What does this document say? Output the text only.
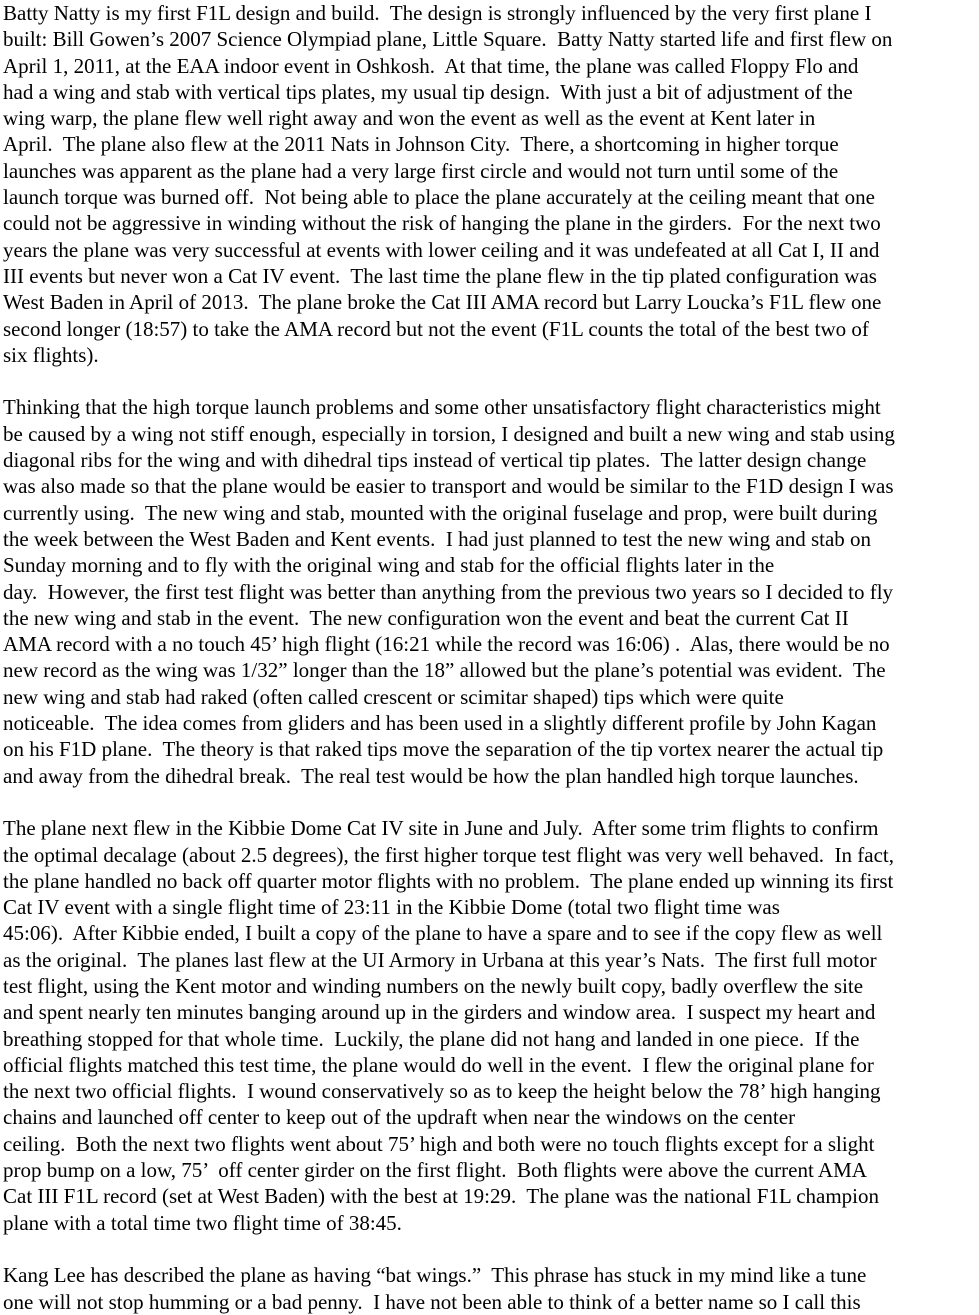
Batty Natty is my first F1L design and build.  The design is strongly influenced by the very first plane I
built: Bill Gowen’s 2007 Science Olympiad plane, Little Square.  Batty Natty started life and first flew on
April 1, 2011, at the EAA indoor event in Oshkosh.  At that time, the plane was called Floppy Flo and
had a wing and stab with vertical tips plates, my usual tip design.  With just a bit of adjustment of the
wing warp, the plane flew well right away and won the event as well as the event at Kent later in
April.  The plane also flew at the 2011 Nats in Johnson City.  There, a shortcoming in higher torque
launches was apparent as the plane had a very large first circle and would not turn until some of the
launch torque was burned off.  Not being able to place the plane accurately at the ceiling meant that one
could not be aggressive in winding without the risk of hanging the plane in the girders.  For the next two
years the plane was very successful at events with lower ceiling and it was undefeated at all Cat I, II and
III events but never won a Cat IV event.  The last time the plane flew in the tip plated configuration was
West Baden in April of 2013.  The plane broke the Cat III AMA record but Larry Loucka’s F1L flew one
second longer (18:57) to take the AMA record but not the event (F1L counts the total of the best two of
six flights).
Thinking that the high torque launch problems and some other unsatisfactory flight characteristics might
be caused by a wing not stiff enough, especially in torsion, I designed and built a new wing and stab using
diagonal ribs for the wing and with dihedral tips instead of vertical tip plates.  The latter design change
was also made so that the plane would be easier to transport and would be similar to the F1D design I was
currently using.  The new wing and stab, mounted with the original fuselage and prop, were built during
the week between the West Baden and Kent events.  I had just planned to test the new wing and stab on
Sunday morning and to fly with the original wing and stab for the official flights later in the
day.  However, the first test flight was better than anything from the previous two years so I decided to fly
the new wing and stab in the event.  The new configuration won the event and beat the current Cat II
AMA record with a no touch 45’ high flight (16:21 while the record was 16:06) .  Alas, there would be no
new record as the wing was 1/32” longer than the 18” allowed but the plane’s potential was evident.  The
new wing and stab had raked (often called crescent or scimitar shaped) tips which were quite
noticeable.  The idea comes from gliders and has been used in a slightly different profile by John Kagan
on his F1D plane.  The theory is that raked tips move the separation of the tip vortex nearer the actual tip
and away from the dihedral break.  The real test would be how the plan handled high torque launches.
The plane next flew in the Kibbie Dome Cat IV site in June and July.  After some trim flights to confirm
the optimal decalage (about 2.5 degrees), the first higher torque test flight was very well behaved.  In fact,
the plane handled no back off quarter motor flights with no problem.  The plane ended up winning its first
Cat IV event with a single flight time of 23:11 in the Kibbie Dome (total two flight time was
45:06).  After Kibbie ended, I built a copy of the plane to have a spare and to see if the copy flew as well
as the original.  The planes last flew at the UI Armory in Urbana at this year’s Nats.  The first full motor
test flight, using the Kent motor and winding numbers on the newly built copy, badly overflew the site
and spent nearly ten minutes banging around up in the girders and window area.  I suspect my heart and
breathing stopped for that whole time.  Luckily, the plane did not hang and landed in one piece.  If the
official flights matched this test time, the plane would do well in the event.  I flew the original plane for
the next two official flights.  I wound conservatively so as to keep the height below the 78’ high hanging
chains and launched off center to keep out of the updraft when near the windows on the center
ceiling.  Both the next two flights went about 75’ high and both were no touch flights except for a slight
prop bump on a low, 75’  off center girder on the first flight.  Both flights were above the current AMA
Cat III F1L record (set at West Baden) with the best at 19:29.  The plane was the national F1L champion
plane with a total time two flight time of 38:45.
Kang Lee has described the plane as having “bat wings.”  This phrase has stuck in my mind like a tune
one will not stop humming or a bad penny.  I have not been able to think of a better name so I call this
